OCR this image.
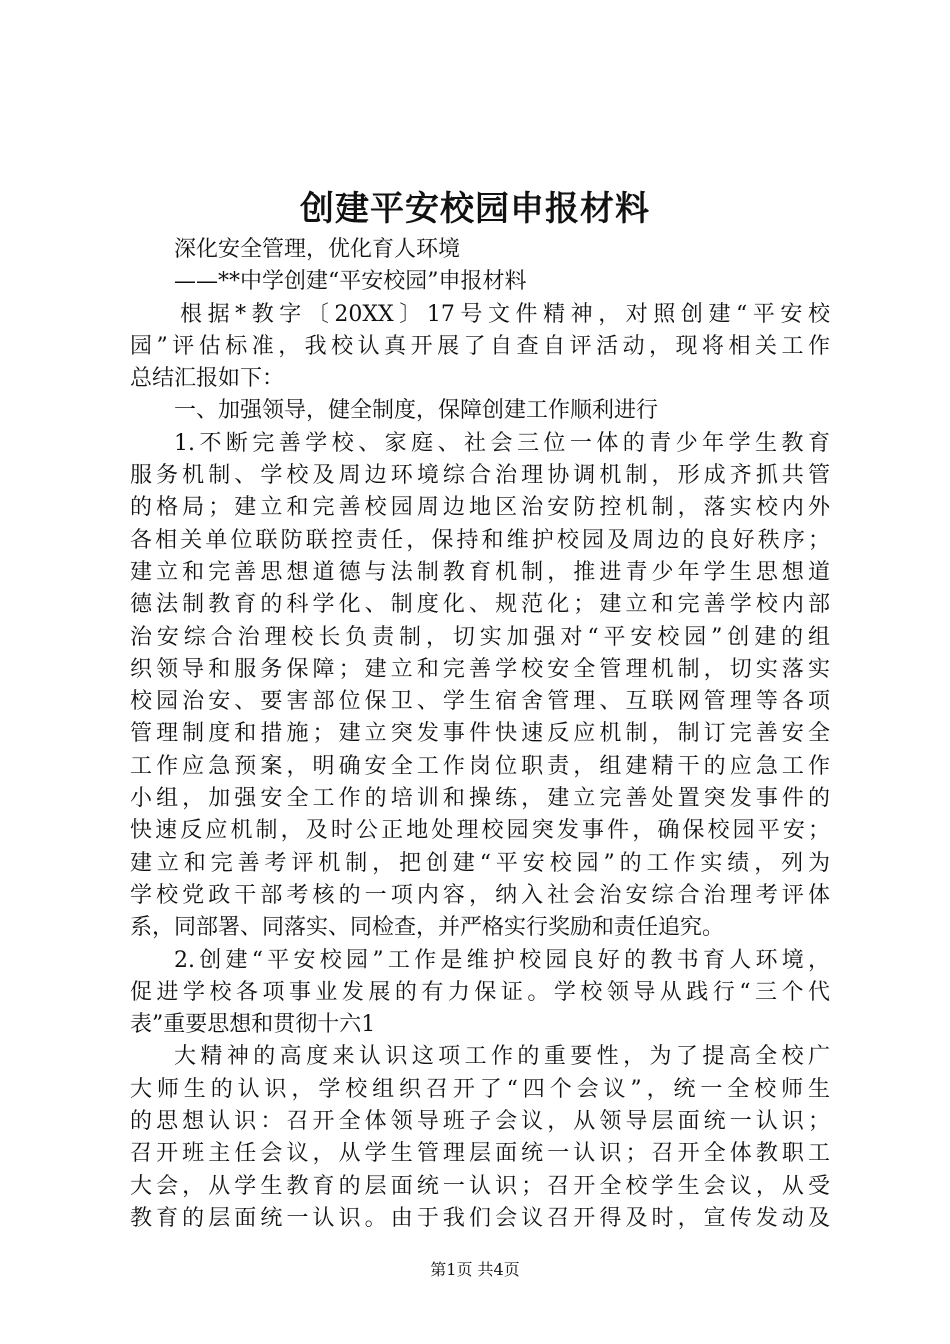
创建平安校园申报材料
深化安全管理，优化育人环境
——**中学创建“平安校园”申报材料
根据*教字〔20XX〕17号文件精神，对照创建“平安校
园”评估标准，我校认真开展了自查自评活动，现将相关工作
总结汇报如下：
一、加强领导，健全制度，保障创建工作顺利进行
1.不断完善学校、家庭、社会三位一体的青少年学生教育
服务机制、学校及周边环境综合治理协调机制，形成齐抓共管
的格局；建立和完善校园周边地区治安防控机制，落实校内外
各相关单位联防联控责任，保持和维护校园及周边的良好秩序；
建立和完善思想道德与法制教育机制，推进青少年学生思想道
德法制教育的科学化、制度化、规范化；建立和完善学校内部
治安综合治理校长负责制，切实加强对“平安校园”创建的组
织领导和服务保障；建立和完善学校安全管理机制，切实落实
校园治安、要害部位保卫、学生宿舍管理、互联网管理等各项
管理制度和措施；建立突发事件快速反应机制，制订完善安全
工作应急预案，明确安全工作岗位职责，组建精干的应急工作
小组，加强安全工作的培训和操练，建立完善处置突发事件的
快速反应机制，及时公正地处理校园突发事件，确保校园平安；
建立和完善考评机制，把创建“平安校园”的工作实绩，列为
学校党政干部考核的一项内容，纳入社会治安综合治理考评体
系，同部署、同落实、同检查，并严格实行奖励和责任追究。
2.创建“平安校园”工作是维护校园良好的教书育人环境，
促进学校各项事业发展的有力保证。学校领导从践行“三个代
表”重要思想和贯彻十六1
大精神的高度来认识这项工作的重要性，为了提高全校广
大师生的认识，学校组织召开了“四个会议”，统一全校师生
的思想认识：召开全体领导班子会议，从领导层面统一认识；
召开班主任会议，从学生管理层面统一认识；召开全体教职工
大会，从学生教育的层面统一认识；召开全校学生会议，从受
教育的层面统一认识。由于我们会议召开得及时，宣传发动及
第1页 共4页
